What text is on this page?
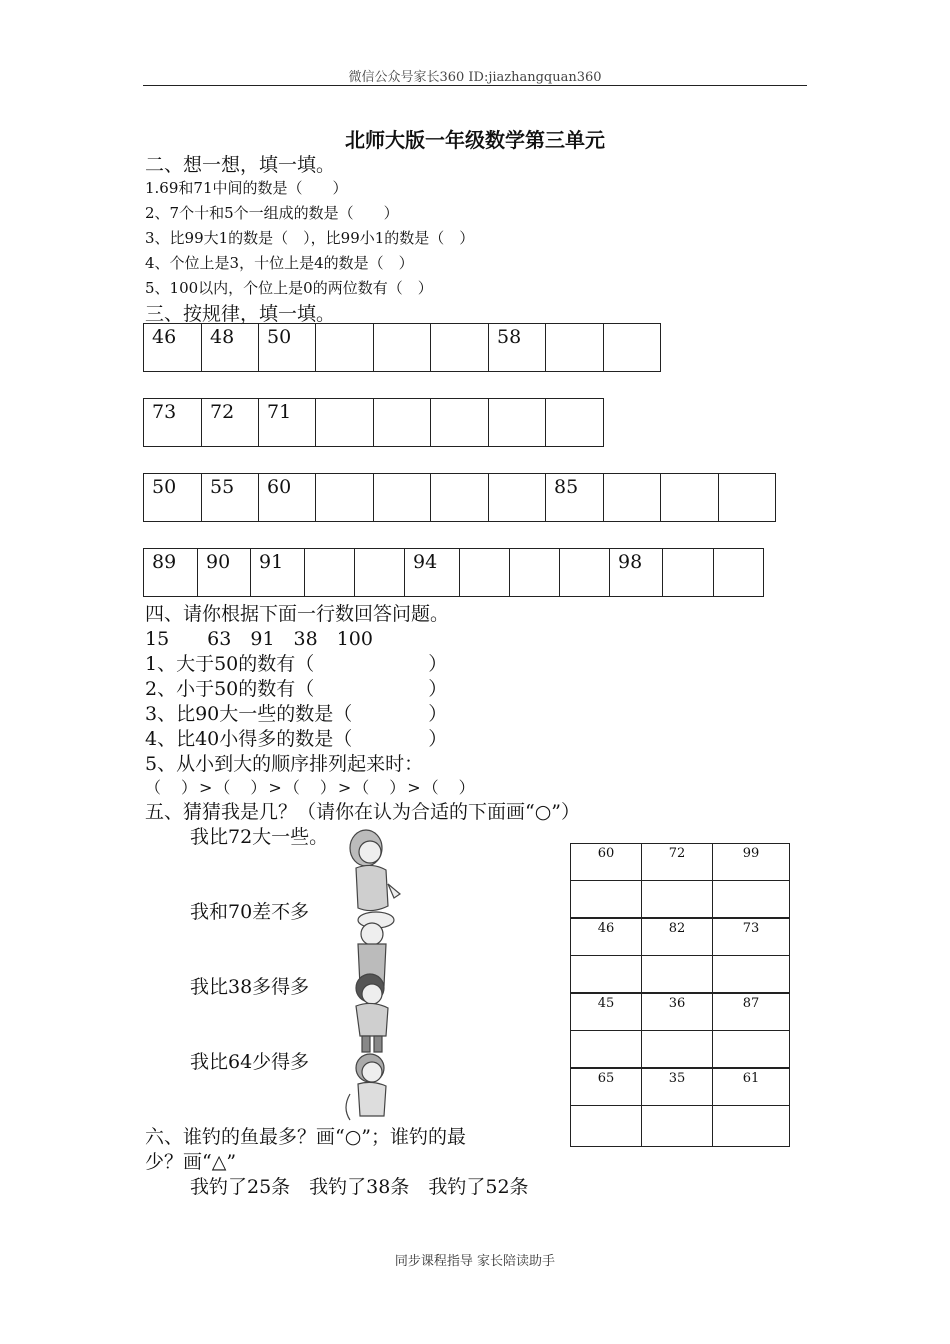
微信公众号家长360 ID:jiazhangquan360
北师大版一年级数学第三单元
二、想一想，填一填。
1.69和71中间的数是（　　）
2、7个十和5个一组成的数是（　　）
3、比99大1的数是（　），比99小1的数是（　）
4、个位上是3，十位上是4的数是（　）
5、100以内，个位上是0的两位数有（　）
三、按规律，填一填。
46	48	50				58		
73	72	71					
50	55	60					85			
89	90	91			94				98		
四、请你根据下面一行数回答问题。
15　　63　91　38　100
1、大于50的数有（　　　　　　）
2、小于50的数有（　　　　　　）
3、比90大一些的数是（　　　　）
4、比40小得多的数是（　　　　）
5、从小到大的顺序排列起来时：
（　）>（　）>（　）>（　）>（　）
五、猜猜我是几？（请你在认为合适的下面画“○”）
我比72大一些。
我和70差不多
我比38多得多
我比64少得多
60	72	99

46	82	73

45	36	87

65	35	61

六、谁钓的鱼最多？画“○”；谁钓的最
少？画“△”
我钓了25条　我钓了38条　我钓了52条
同步课程指导 家长陪读助手
